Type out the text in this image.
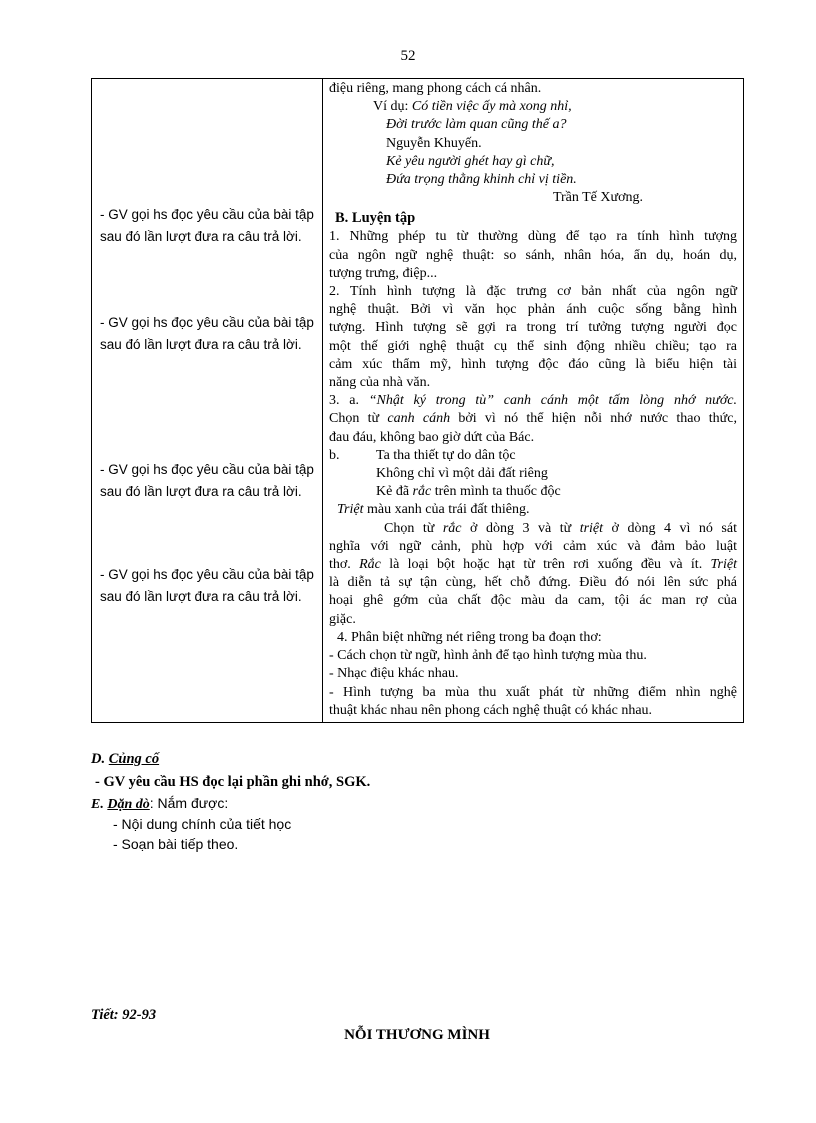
52
- GV gọi hs đọc yêu cầu của bài tập sau đó lần lượt đưa ra câu trả lời.
- GV gọi hs đọc yêu cầu của bài tập sau đó lần lượt đưa ra câu trả lời.
- GV gọi hs đọc yêu cầu của bài tập sau đó lần lượt đưa ra câu trả lời.
- GV gọi hs đọc yêu cầu của bài tập sau đó lần lượt đưa ra câu trả lời.
điệu riêng, mang phong cách cá nhân.
Ví dụ: Có tiền việc ấy mà xong nhỉ,
Đời trước làm quan cũng thế a?
Nguyễn Khuyến.
Kẻ yêu người ghét hay gì chữ,
Đứa trọng thằng khinh chỉ vị tiền.
Trần Tế Xương.
B. Luyện tập
1. Những phép tu từ thường dùng để tạo ra tính hình tượng
của ngôn ngữ nghệ thuật: so sánh, nhân hóa, ẩn dụ, hoán dụ,
tượng trưng, điệp...
2. Tính hình tượng là đặc trưng cơ bản nhất của ngôn ngữ
nghệ thuật. Bởi vì văn học phản ánh cuộc sống bằng hình
tượng. Hình tượng sẽ gợi ra trong trí tưởng tượng người đọc
một thế giới nghệ thuật cụ thể sinh động nhiều chiều; tạo ra
cảm xúc thẩm mỹ, hình tượng độc đáo cũng là biểu hiện tài
năng của nhà văn.
3. a. “Nhật ký trong tù” canh cánh một tấm lòng nhớ nước.
Chọn từ canh cánh bởi vì nó thể hiện nỗi nhớ nước thao thức,
đau đáu, không bao giờ dứt của Bác.
b.	Ta tha thiết tự do dân tộc
Không chỉ vì một dải đất riêng
Kẻ đã rắc trên mình ta thuốc độc
Triệt màu xanh của trái đất thiêng.
Chọn từ rắc ở dòng 3 và từ triệt ở dòng 4 vì nó sát
nghĩa với ngữ cảnh, phù hợp với cảm xúc và đảm bảo luật
thơ. Rắc là loại bột hoặc hạt từ trên rơi xuống đều và ít. Triệt
là diễn tả sự tận cùng, hết chỗ đứng. Điều đó nói lên sức phá
hoại ghê gớm của chất độc màu da cam, tội ác man rợ của
giặc.
4. Phân biệt những nét riêng trong ba đoạn thơ:
- Cách chọn từ ngữ, hình ảnh để tạo hình tượng mùa thu.
- Nhạc điệu khác nhau.
- Hình tượng ba mùa thu xuất phát từ những điểm nhìn nghệ
thuật khác nhau nên phong cách nghệ thuật có khác nhau.
D. Củng cố
- GV yêu cầu HS đọc lại phần ghi nhớ, SGK.
E. Dặn dò: Nắm được:
- Nội dung chính của tiết học
- Soạn bài tiếp theo.
Tiết: 92-93
NỖI THƯƠNG MÌNH
